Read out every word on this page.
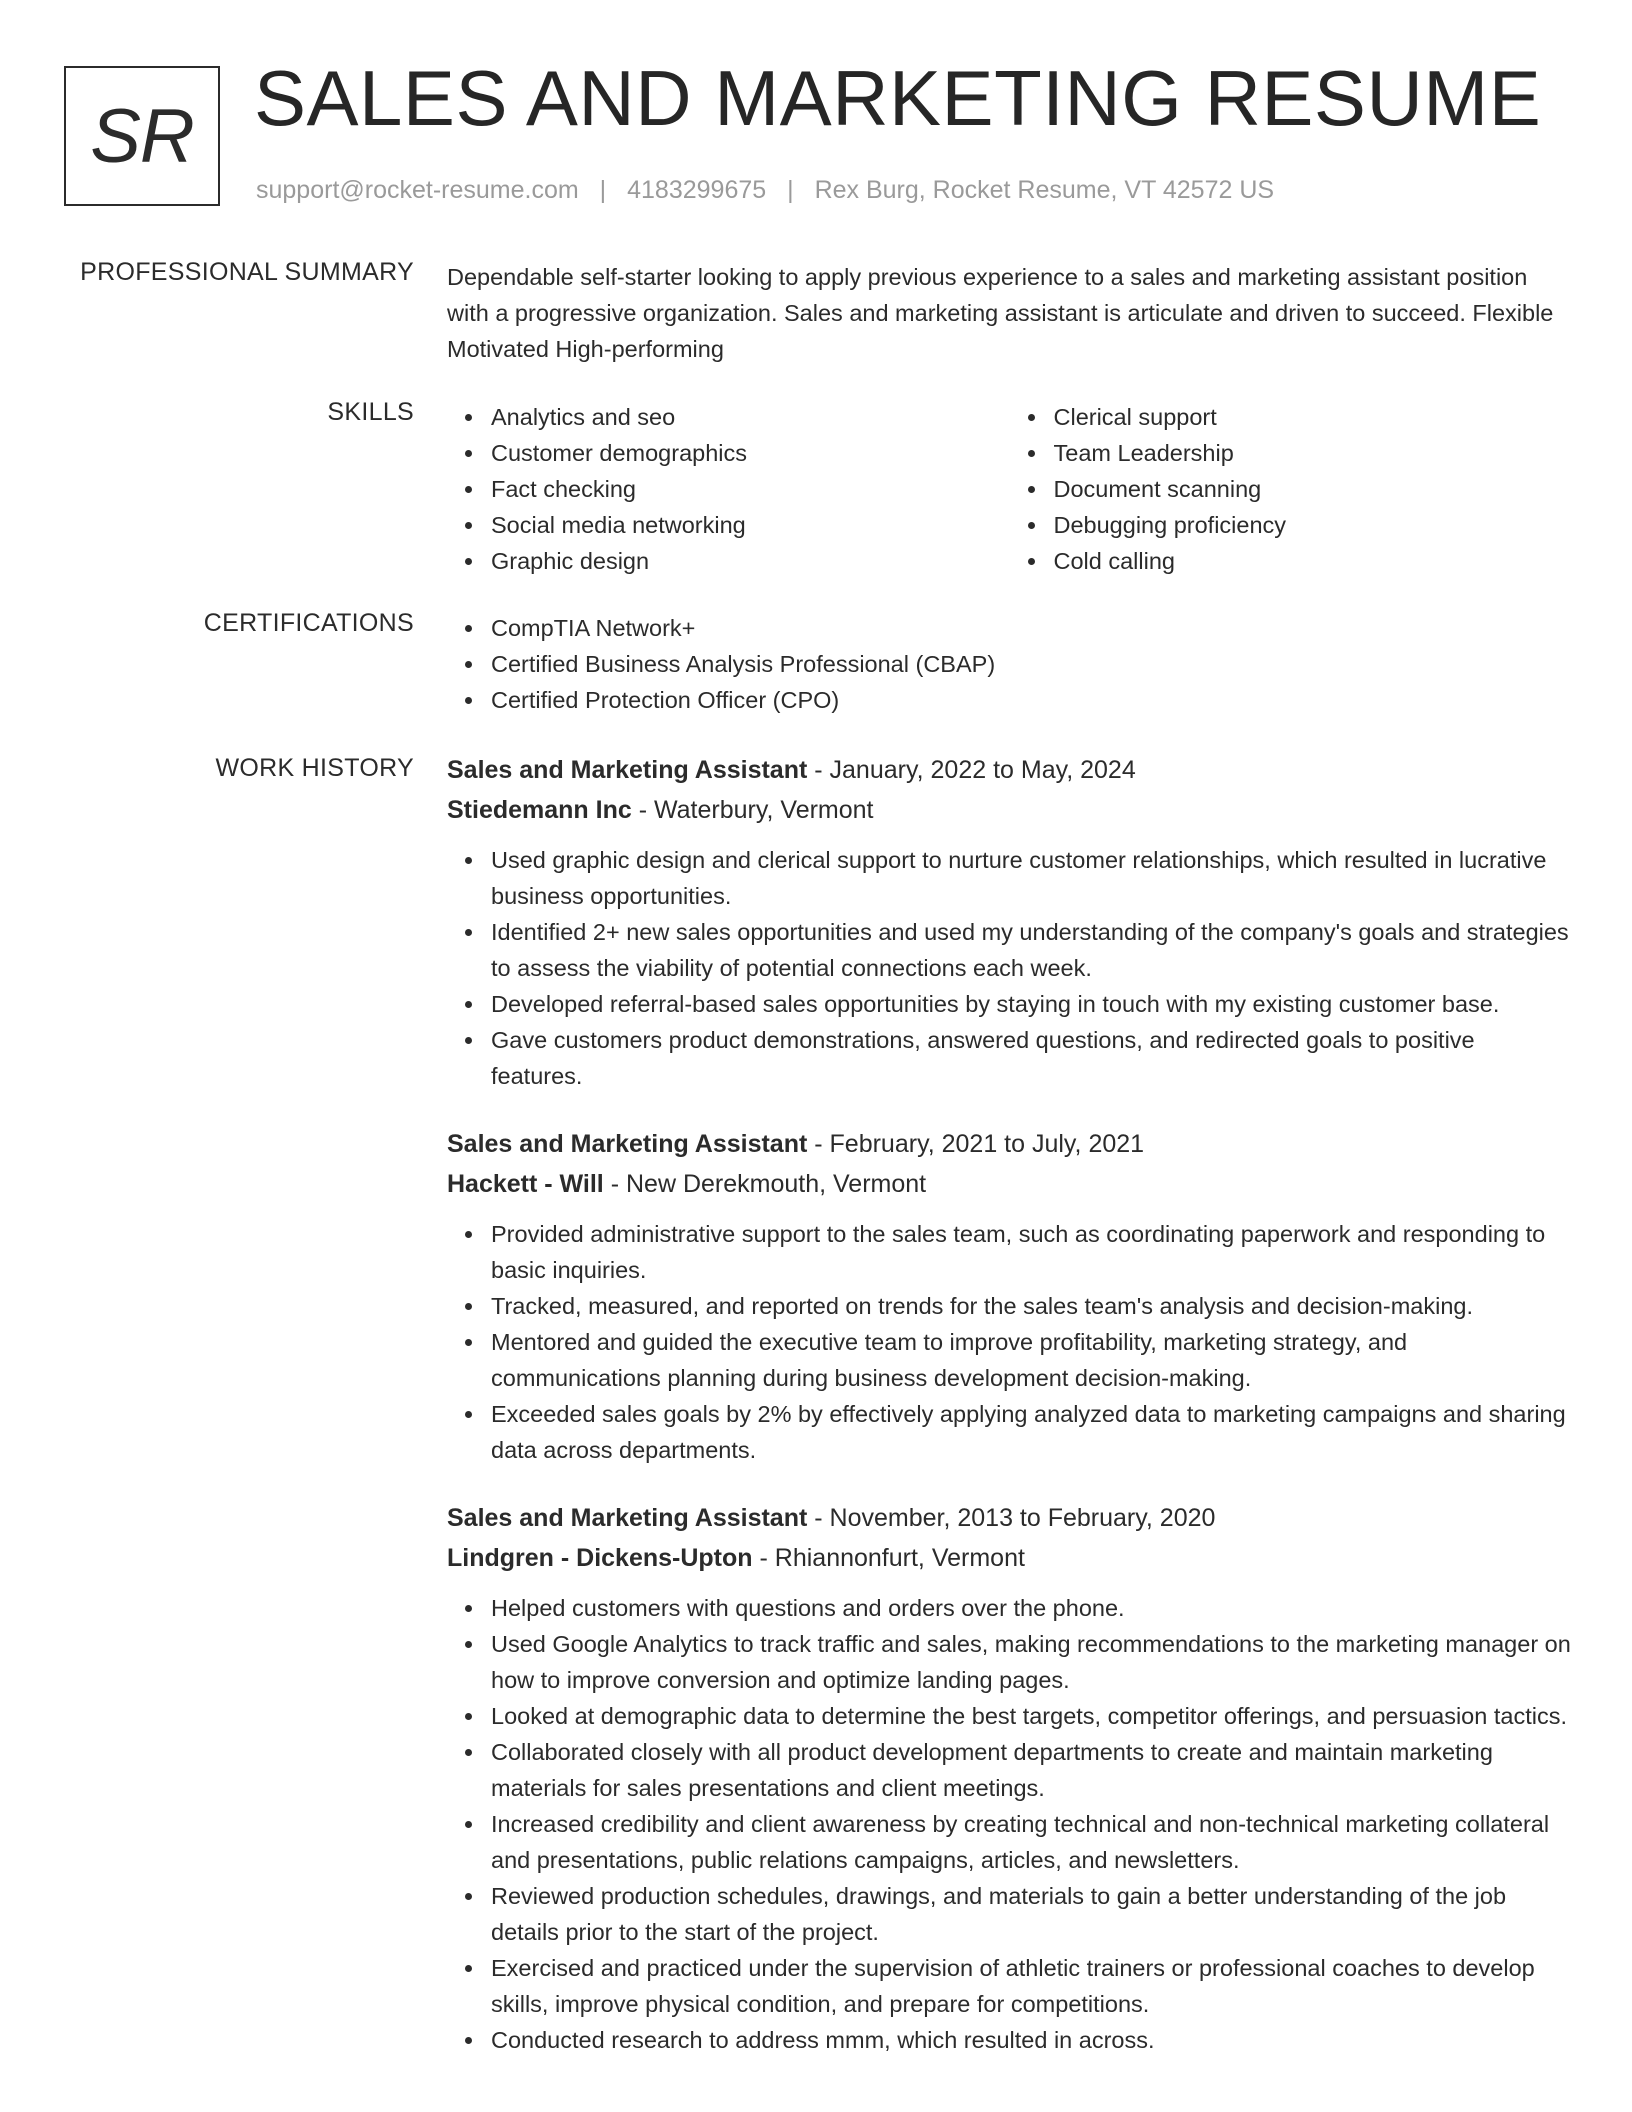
SR SALES AND MARKETING RESUME
support@rocket-resume.com | 4183299675 | Rex Burg, Rocket Resume, VT 42572 US
PROFESSIONAL SUMMARY Dependable self-starter looking to apply previous experience to a sales and marketing assistant position with a progressive organization. Sales and marketing assistant is articulate and driven to succeed. Flexible Motivated High-performing
SKILLS	Analytics and seo
Customer demographics
Fact checking
Social media networking
Graphic design
Clerical support
Team Leadership
Document scanning
Debugging proficiency
Cold calling
CERTIFICATIONS	CompTIA Network+
Certified Business Analysis Professional (CBAP)
Certified Protection Officer (CPO)
WORK HISTORY Sales and Marketing Assistant - January, 2022 to May, 2024
Stiedemann Inc - Waterbury, Vermont
Used graphic design and clerical support to nurture customer relationships, which resulted in lucrative business opportunities.
Identified 2+ new sales opportunities and used my understanding of the company's goals and strategies to assess the viability of potential connections each week.
Developed referral-based sales opportunities by staying in touch with my existing customer base.
Gave customers product demonstrations, answered questions, and redirected goals to positive features.
Sales and Marketing Assistant - February, 2021 to July, 2021
Hackett - Will - New Derekmouth, Vermont
Provided administrative support to the sales team, such as coordinating paperwork and responding to basic inquiries.
Tracked, measured, and reported on trends for the sales team's analysis and decision-making.
Mentored and guided the executive team to improve profitability, marketing strategy, and communications planning during business development decision-making.
Exceeded sales goals by 2% by effectively applying analyzed data to marketing campaigns and sharing data across departments.
Sales and Marketing Assistant - November, 2013 to February, 2020
Lindgren - Dickens-Upton - Rhiannonfurt, Vermont
Helped customers with questions and orders over the phone.
Used Google Analytics to track traffic and sales, making recommendations to the marketing manager on how to improve conversion and optimize landing pages.
Looked at demographic data to determine the best targets, competitor offerings, and persuasion tactics.
Collaborated closely with all product development departments to create and maintain marketing materials for sales presentations and client meetings.
Increased credibility and client awareness by creating technical and non-technical marketing collateral and presentations, public relations campaigns, articles, and newsletters.
Reviewed production schedules, drawings, and materials to gain a better understanding of the job details prior to the start of the project.
Exercised and practiced under the supervision of athletic trainers or professional coaches to develop skills, improve physical condition, and prepare for competitions.
Conducted research to address mmm, which resulted in across.
